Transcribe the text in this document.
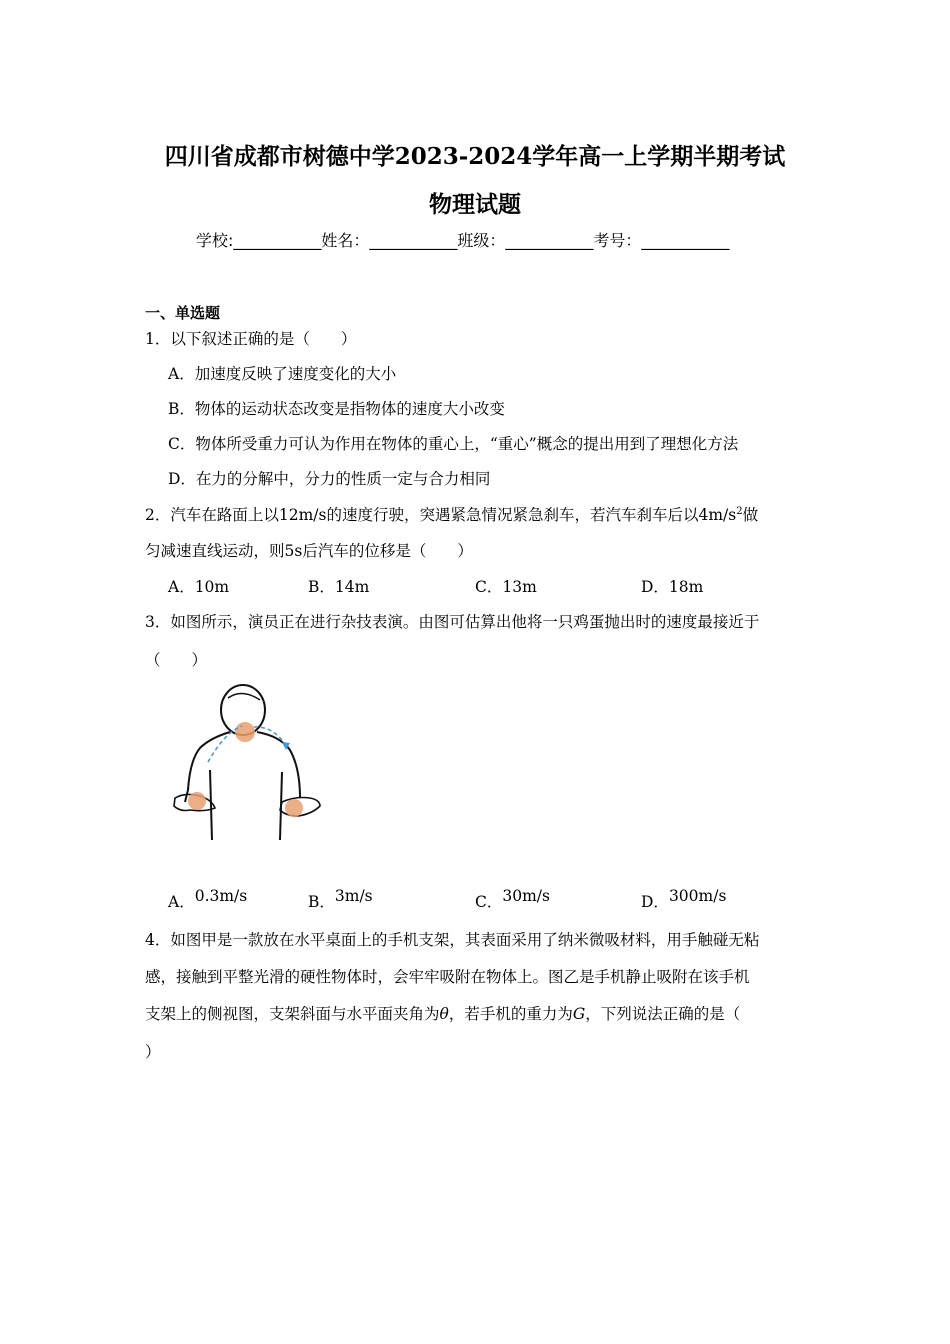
四川省成都市树德中学2023-2024学年高一上学期半期考试
物理试题
学校:___________姓名：___________班级：___________考号：___________
一、单选题
1．以下叙述正确的是（　　）
A．加速度反映了速度变化的大小
B．物体的运动状态改变是指物体的速度大小改变
C．物体所受重力可认为作用在物体的重心上，“重心”概念的提出用到了理想化方法
D．在力的分解中，分力的性质一定与合力相同
2．汽车在路面上以12m/s的速度行驶，突遇紧急情况紧急刹车，若汽车刹车后以$4m/s^2$做
匀减速直线运动，则5s后汽车的位移是（　　）
A．10m	B．14m	C．13m	D．18m
3．如图所示，演员正在进行杂技表演。由图可估算出他将一只鸡蛋抛出时的速度最接近于
（　　）
A．0.3m/s	B．3m/s	C．30m/s	D．300m/s
4．如图甲是一款放在水平桌面上的手机支架，其表面采用了纳米微吸材料，用手触碰无粘
感，接触到平整光滑的硬性物体时，会牢牢吸附在物体上。图乙是手机静止吸附在该手机
支架上的侧视图，支架斜面与水平面夹角为θ，若手机的重力为G，下列说法正确的是（
）
